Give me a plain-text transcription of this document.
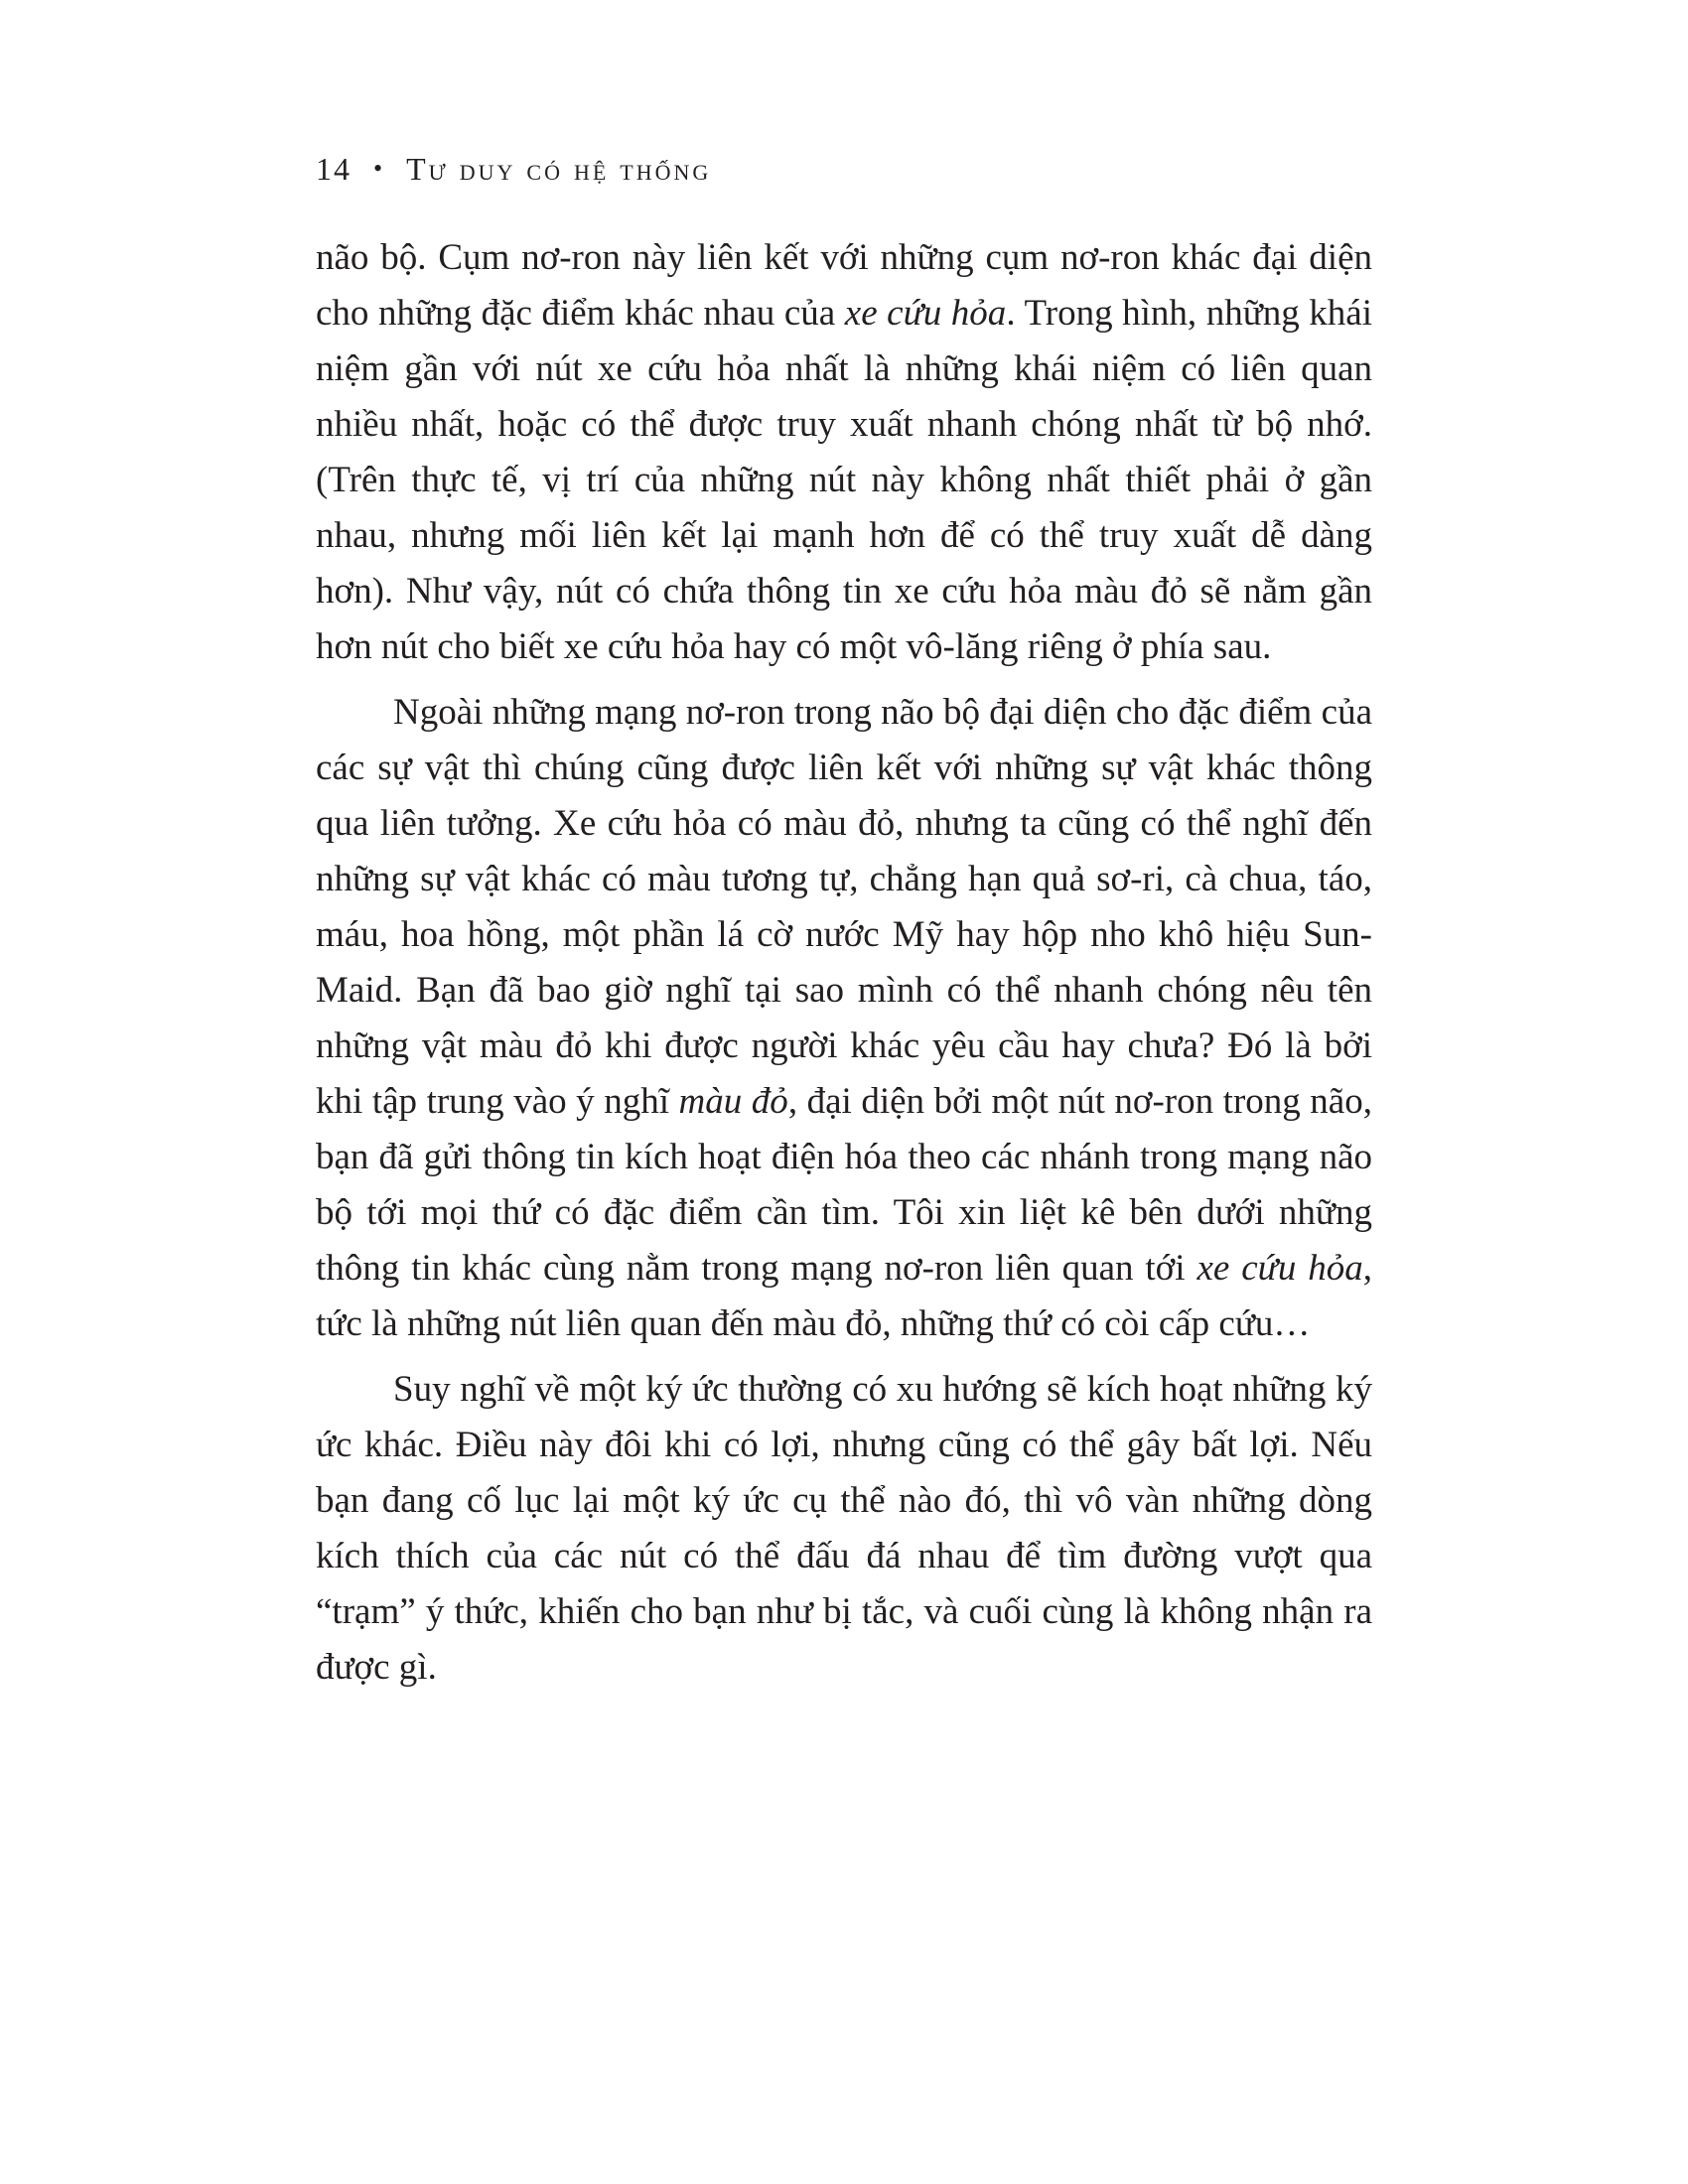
14 • Tư duy có hệ thống

não bộ. Cụm nơ-ron này liên kết với những cụm nơ-ron khác đại diện cho những đặc điểm khác nhau của xe cứu hỏa. Trong hình, những khái niệm gần với nút xe cứu hỏa nhất là những khái niệm có liên quan nhiều nhất, hoặc có thể được truy xuất nhanh chóng nhất từ bộ nhớ. (Trên thực tế, vị trí của những nút này không nhất thiết phải ở gần nhau, nhưng mối liên kết lại mạnh hơn để có thể truy xuất dễ dàng hơn). Như vậy, nút có chứa thông tin xe cứu hỏa màu đỏ sẽ nằm gần hơn nút cho biết xe cứu hỏa hay có một vô-lăng riêng ở phía sau.

Ngoài những mạng nơ-ron trong não bộ đại diện cho đặc điểm của các sự vật thì chúng cũng được liên kết với những sự vật khác thông qua liên tưởng. Xe cứu hỏa có màu đỏ, nhưng ta cũng có thể nghĩ đến những sự vật khác có màu tương tự, chẳng hạn quả sơ-ri, cà chua, táo, máu, hoa hồng, một phần lá cờ nước Mỹ hay hộp nho khô hiệu Sun-Maid. Bạn đã bao giờ nghĩ tại sao mình có thể nhanh chóng nêu tên những vật màu đỏ khi được người khác yêu cầu hay chưa? Đó là bởi khi tập trung vào ý nghĩ màu đỏ, đại diện bởi một nút nơ-ron trong não, bạn đã gửi thông tin kích hoạt điện hóa theo các nhánh trong mạng não bộ tới mọi thứ có đặc điểm cần tìm. Tôi xin liệt kê bên dưới những thông tin khác cùng nằm trong mạng nơ-ron liên quan tới xe cứu hỏa, tức là những nút liên quan đến màu đỏ, những thứ có còi cấp cứu…

Suy nghĩ về một ký ức thường có xu hướng sẽ kích hoạt những ký ức khác. Điều này đôi khi có lợi, nhưng cũng có thể gây bất lợi. Nếu bạn đang cố lục lại một ký ức cụ thể nào đó, thì vô vàn những dòng kích thích của các nút có thể đấu đá nhau để tìm đường vượt qua “trạm” ý thức, khiến cho bạn như bị tắc, và cuối cùng là không nhận ra được gì.
